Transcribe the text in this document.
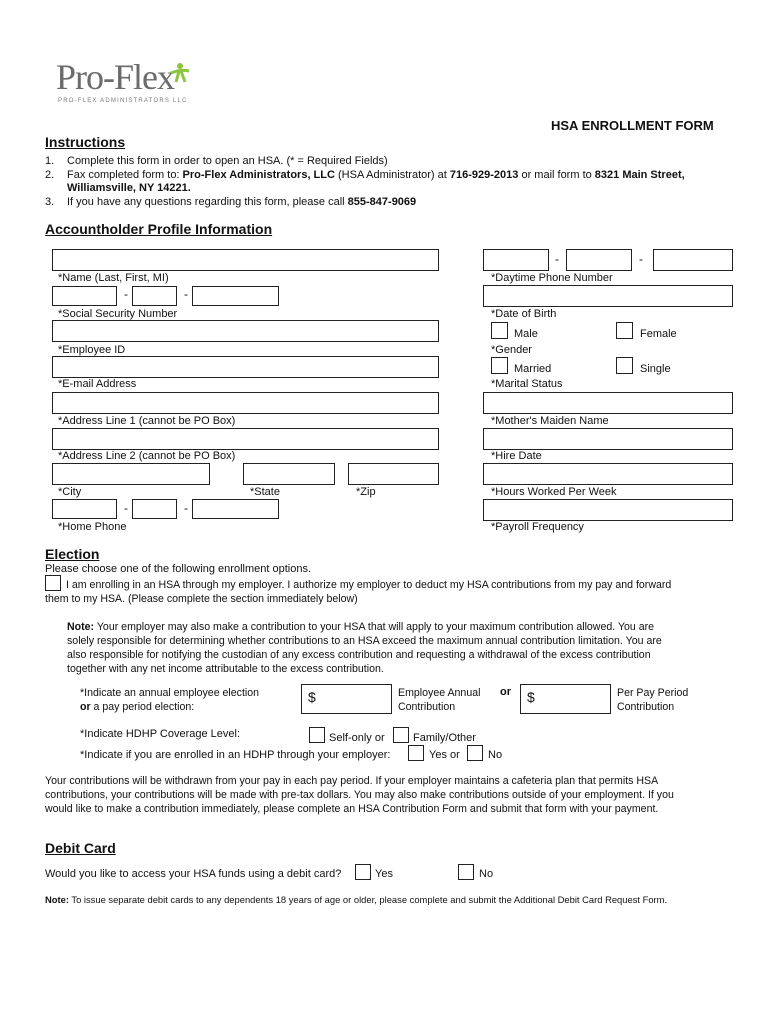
Pro-Flex
PRO-FLEX ADMINISTRATORS LLC
HSA ENROLLMENT FORM
Instructions
1. Complete this form in order to open an HSA. (* = Required Fields)
2. Fax completed form to: Pro-Flex Administrators, LLC (HSA Administrator) at 716-929-2013 or mail form to 8321 Main Street,
Williamsville, NY 14221.
3. If you have any questions regarding this form, please call 855-847-9069
Accountholder Profile Information
*Name (Last, First, MI)
-	-
*Social Security Number
*Employee ID
*E-mail Address
*Address Line 1 (cannot be PO Box)
*Address Line 2 (cannot be PO Box)
*City	*State	*Zip
-	-
*Home Phone
-	-
*Daytime Phone Number
*Date of Birth
Male	Female
*Gender
Married	Single
*Marital Status
*Mother's Maiden Name
*Hire Date
*Hours Worked Per Week
*Payroll Frequency
Election
Please choose one of the following enrollment options.
I am enrolling in an HSA through my employer. I authorize my employer to deduct my HSA contributions from my pay and forward
them to my HSA. (Please complete the section immediately below)
Note: Your employer may also make a contribution to your HSA that will apply to your maximum contribution allowed. You are
solely responsible for determining whether contributions to an HSA exceed the maximum annual contribution limitation. You are
also responsible for notifying the custodian of any excess contribution and requesting a withdrawal of the excess contribution
together with any net income attributable to the excess contribution.
*Indicate an annual employee election
or a pay period election:
$	Employee Annual
Contribution
or $	Per Pay Period
Contribution
*Indicate HDHP Coverage Level:	Self-only or	Family/Other
*Indicate if you are enrolled in an HDHP through your employer:	Yes or	No
Your contributions will be withdrawn from your pay in each pay period. If your employer maintains a cafeteria plan that permits HSA
contributions, your contributions will be made with pre-tax dollars. You may also make contributions outside of your employment. If you
would like to make a contribution immediately, please complete an HSA Contribution Form and submit that form with your payment.
Debit Card
Would you like to access your HSA funds using a debit card?	Yes	No
Note: To issue separate debit cards to any dependents 18 years of age or older, please complete and submit the Additional Debit Card Request Form.
